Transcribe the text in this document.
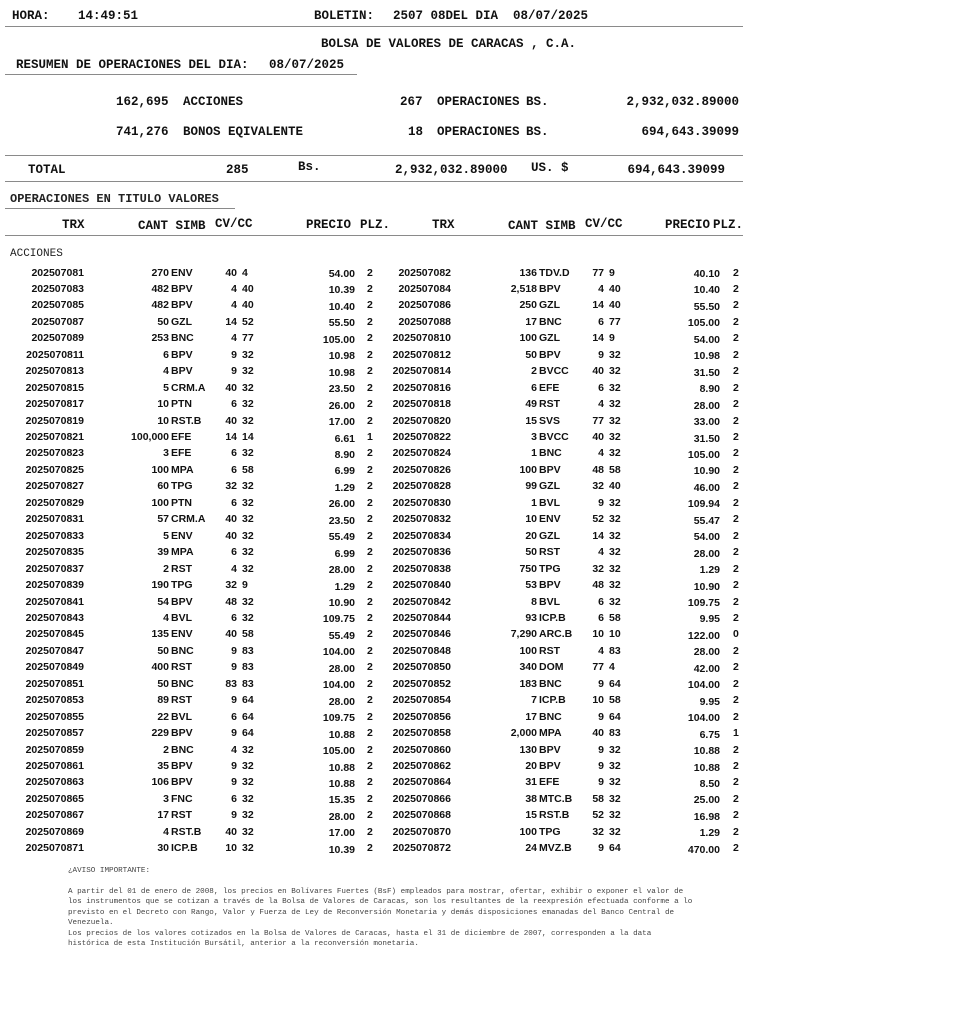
HORA: 14:49:51	BOLETIN: 2507 08DEL DIA  08/07/2025
BOLSA DE VALORES DE CARACAS , C.A.
RESUMEN DE OPERACIONES DEL DIA: 08/07/2025
162,695 ACCIONES	267 OPERACIONES BS.	2,932,032.89000
741,276 BONOS EQIVALENTE	18 OPERACIONES BS.	694,643.39099
TOTAL	285	Bs.	2,932,032.89000 US. $	694,643.39099
OPERACIONES EN TITULO VALORES
TRX	CANT SIMB CV/CC	PRECIO PLZ.	TRX	CANT SIMB CV/CC	PRECIO PLZ.
ACCIONES
202507081	270 ENV	40 4	54.00 2 202507082	136 TDV.D 77 9	40.10 2
202507083	482 BPV	4 40	10.39 2 202507084	2,518 BPV	4 40	10.40 2
202507085	482 BPV	4 40	10.40 2 202507086	250 GZL	14 40	55.50 2
202507087	50 GZL	14 52	55.50 2 202507088	17 BNC	6 77	105.00 2
202507089	253 BNC	4 77	105.00 2 2025070810	100 GZL	14 9	54.00 2
2025070811	6 BPV	9 32	10.98 2 2025070812	50 BPV	9 32	10.98 2
2025070813	4 BPV	9 32	10.98 2 2025070814	2 BVCC 40 32	31.50 2
2025070815	5 CRM.A 40 32	23.50 2 2025070816	6 EFE	6 32	8.90 2
2025070817	10 PTN	6 32	26.00 2 2025070818	49 RST	4 32	28.00 2
2025070819	10 RST.B 40 32	17.00 2 2025070820	15 SVS	77 32	33.00 2
2025070821	100,000 EFE	14 14	6.61 1 2025070822	3 BVCC 40 32	31.50 2
2025070823	3 EFE	6 32	8.90 2 2025070824	1 BNC	4 32	105.00 2
2025070825	100 MPA	6 58	6.99 2 2025070826	100 BPV	48 58	10.90 2
2025070827	60 TPG	32 32	1.29 2 2025070828	99 GZL	32 40	46.00 2
2025070829	100 PTN	6 32	26.00 2 2025070830	1 BVL	9 32	109.94 2
2025070831	57 CRM.A 40 32	23.50 2 2025070832	10 ENV	52 32	55.47 2
2025070833	5 ENV	40 32	55.49 2 2025070834	20 GZL	14 32	54.00 2
2025070835	39 MPA	6 32	6.99 2 2025070836	50 RST	4 32	28.00 2
2025070837	2 RST	4 32	28.00 2 2025070838	750 TPG	32 32	1.29 2
2025070839	190 TPG	32 9	1.29 2 2025070840	53 BPV	48 32	10.90 2
2025070841	54 BPV	48 32	10.90 2 2025070842	8 BVL	6 32	109.75 2
2025070843	4 BVL	6 32	109.75 2 2025070844	93 ICP.B	6 58	9.95 2
2025070845	135 ENV	40 58	55.49 2 2025070846	7,290 ARC.B 10 10	122.00 0
2025070847	50 BNC	9 83	104.00 2 2025070848	100 RST	4 83	28.00 2
2025070849	400 RST	9 83	28.00 2 2025070850	340 DOM	77 4	42.00 2
2025070851	50 BNC	83 83	104.00 2 2025070852	183 BNC	9 64	104.00 2
2025070853	89 RST	9 64	28.00 2 2025070854	7 ICP.B	10 58	9.95 2
2025070855	22 BVL	6 64	109.75 2 2025070856	17 BNC	9 64	104.00 2
2025070857	229 BPV	9 64	10.88 2 2025070858	2,000 MPA	40 83	6.75 1
2025070859	2 BNC	4 32	105.00 2 2025070860	130 BPV	9 32	10.88 2
2025070861	35 BPV	9 32	10.88 2 2025070862	20 BPV	9 32	10.88 2
2025070863	106 BPV	9 32	10.88 2 2025070864	31 EFE	9 32	8.50 2
2025070865	3 FNC	6 32	15.35 2 2025070866	38 MTC.B 58 32	25.00 2
2025070867	17 RST	9 32	28.00 2 2025070868	15 RST.B 52 32	16.98 2
2025070869	4 RST.B 40 32	17.00 2 2025070870	100 TPG	32 32	1.29 2
2025070871	30 ICP.B	10 32	10.39 2 2025070872	24 MVZ.B	9 64	470.00 2

¿AVISO IMPORTANTE:

A partir del 01 de enero de 2008, los precios en Bolívares Fuertes (BsF) empleados para mostrar, ofertar, exhibir o exponer el valor de
los instrumentos que se cotizan a través de la Bolsa de Valores de Caracas, son los resultantes de la reexpresión efectuada conforme a lo
previsto en el Decreto con Rango, Valor y Fuerza de Ley de Reconversión Monetaria y demás disposiciones emanadas del Banco Central de
Venezuela.

Los precios de los valores cotizados en la Bolsa de Valores de Caracas, hasta el 31 de diciembre de 2007, corresponden a la data
histórica de esta Institución Bursátil, anterior a la reconversión monetaria.
